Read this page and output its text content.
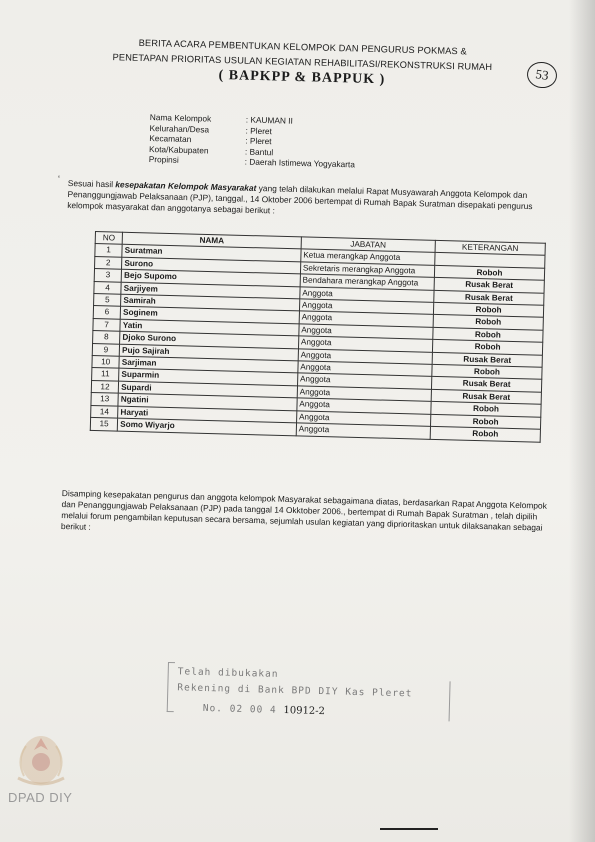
BERITA ACARA PEMBENTUKAN KELOMPOK DAN PENGURUS POKMAS &
PENETAPAN PRIORITAS USULAN KEGIATAN REHABILITASI/REKONSTRUKSI RUMAH
( BAPKPP & BAPPUK )	53
Nama Kelompok	: KAUMAN II
Kelurahan/Desa	: Pleret
Kecamatan	: Pleret
Kota/Kabupaten	: Bantul
Propinsi	: Daerah Istimewa Yogyakarta
‘ Sesuai hasil kesepakatan Kelompok Masyarakat yang telah dilakukan melalui Rapat Musyawarah Anggota Kelompok dan Penanggungjawab Pelaksanaan (PJP), tanggal., 14 Oktober 2006 bertempat di Rumah Bapak Suratman disepakati pengurus kelompok masyarakat dan anggotanya sebagai berikut :
NO	NAMA	JABATAN	KETERANGAN
1	Suratman	Ketua merangkap Anggota	
2	Surono	Sekretaris merangkap Anggota	Roboh
3	Bejo Supomo	Bendahara merangkap Anggota	Rusak Berat
4	Sarjiyem	Anggota	Rusak Berat
5	Samirah	Anggota	Roboh
6	Soginem	Anggota	Roboh
7	Yatin	Anggota	Roboh
8	Djoko Surono	Anggota	Roboh
9	Pujo Sajirah	Anggota	Rusak Berat
10	Sarjiman	Anggota	Roboh
11	Suparmin	Anggota	Rusak Berat
12	Supardi	Anggota	Rusak Berat
13	Ngatini	Anggota	Roboh
14	Haryati	Anggota	Roboh
15	Somo Wiyarjo	Anggota	Roboh
Disamping kesepakatan pengurus dan anggota kelompok Masyarakat sebagaimana diatas, berdasarkan Rapat Anggota Kelompok dan Penanggungjawab Pelaksanaan (PJP) pada tanggal 14 Okktober 2006., bertempat di Rumah Bapak Suratman , telah dipilih melalui forum pengambilan keputusan secara bersama, sejumlah usulan kegiatan yang diprioritaskan untuk dilaksanakan sebagai berikut :
Telah dibukakan
Rekening di Bank BPD DIY Kas Pleret
No. 02 00 4 10912-2
DPAD DIY
